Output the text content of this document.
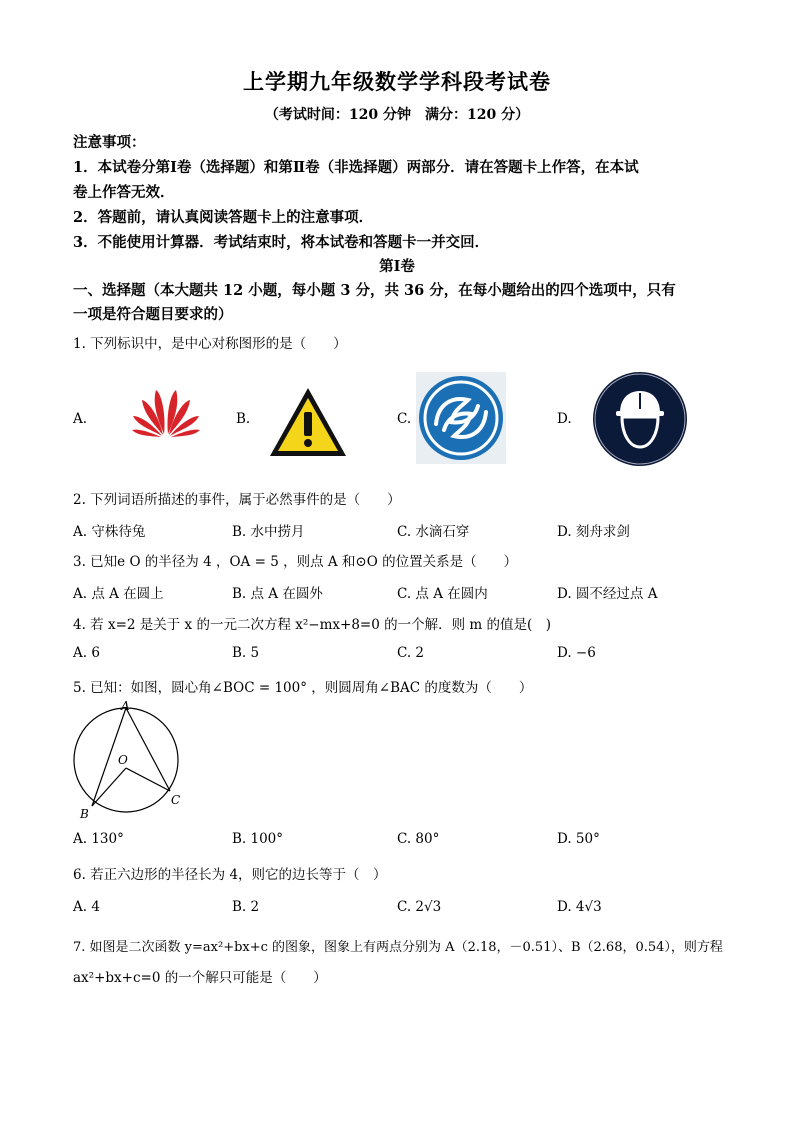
上学期九年级数学学科段考试卷
（考试时间：120 分钟　满分：120 分）
注意事项：
1．本试卷分第Ⅰ卷（选择题）和第Ⅱ卷（非选择题）两部分．请在答题卡上作答，在本试
卷上作答无效．
2．答题前，请认真阅读答题卡上的注意事项．
3．不能使用计算器．考试结束时，将本试卷和答题卡一并交回．
第Ⅰ卷
一、选择题（本大题共 12 小题，每小题 3 分，共 36 分，在每小题给出的四个选项中，只有
一项是符合题目要求的）
1. 下列标识中，是中心对称图形的是（　　）
A.	B.	C.	D.
2. 下列词语所描述的事件，属于必然事件的是（　　）
A. 守株待兔	B. 水中捞月	C. 水滴石穿	D. 刻舟求剑
3. 已知e O 的半径为 4 ，OA = 5 ，则点 A 和⊙O 的位置关系是（　　）
A. 点 A 在圆上	B. 点 A 在圆外	C. 点 A 在圆内	D. 圆不经过点 A
4. 若 x=2 是关于 x 的一元二次方程 x²−mx+8=0 的一个解．则 m 的值是(　)
A. 6	B. 5	C. 2	D. −6
5. 已知：如图，圆心角∠BOC = 100° ，则圆周角∠BAC 的度数为（　　）
A
O
B
C
A. 130°	B. 100°	C. 80°	D. 50°
6. 若正六边形的半径长为 4，则它的边长等于（　）
A. 4	B. 2	C. 2√3	D. 4√3
7. 如图是二次函数 y=ax²+bx+c 的图象，图象上有两点分别为 A（2.18，－0.51）、B（2.68，0.54），则方程
ax²+bx+c=0 的一个解只可能是（　　）
